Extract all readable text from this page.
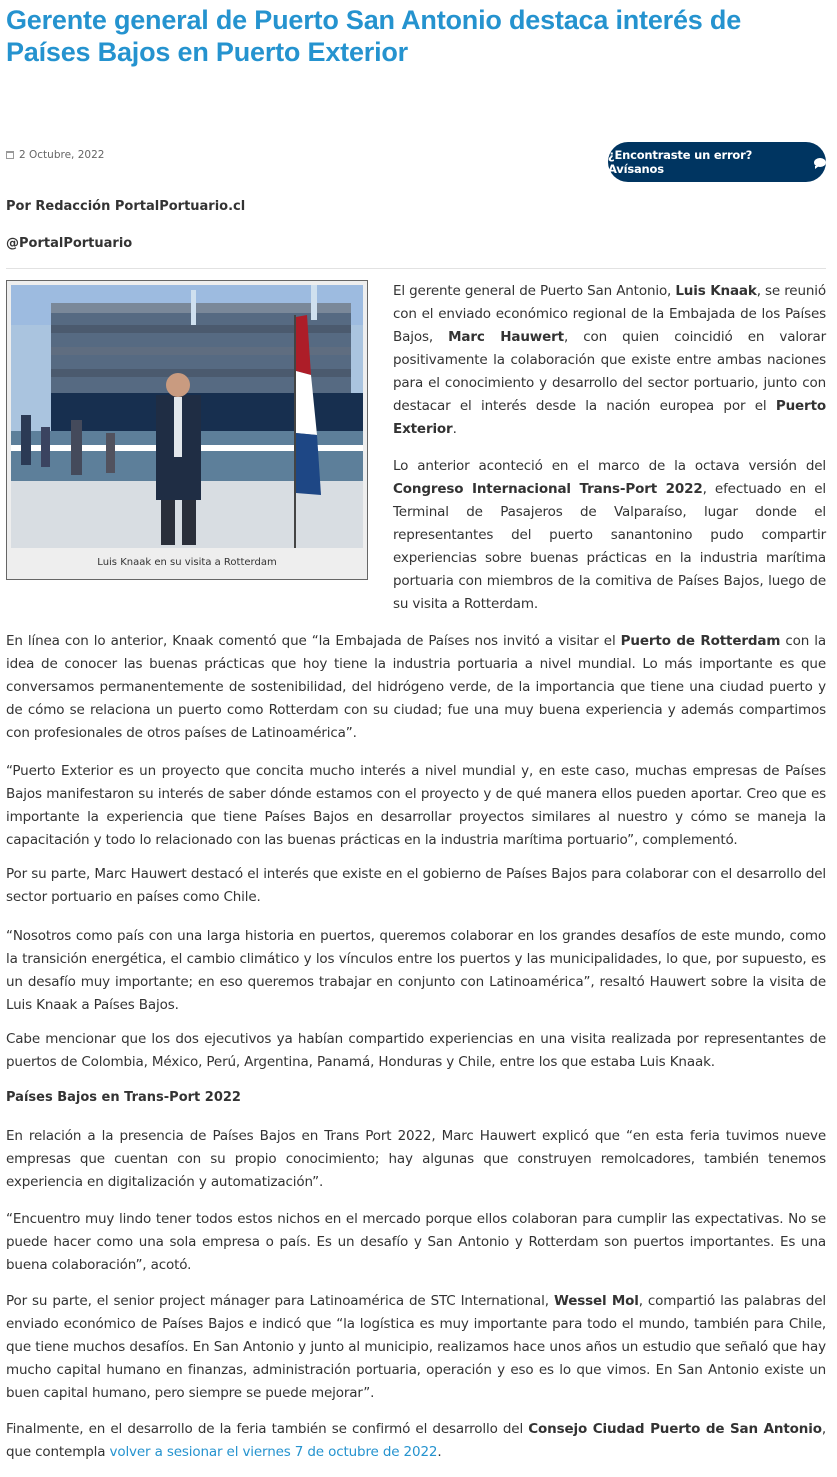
Gerente general de Puerto San Antonio destaca interés de Países Bajos en Puerto Exterior
2 Octubre, 2022	¿Encontraste un error? Avísanos
Por Redacción PortalPortuario.cl
@PortalPortuario
Luis Knaak en su visita a Rotterdam

El gerente general de Puerto San Antonio, Luis Knaak, se reunió con el enviado económico regional de la Embajada de los Países Bajos, Marc Hauwert, con quien coincidió en valorar positivamente la colaboración que existe entre ambas naciones para el conocimiento y desarrollo del sector portuario, junto con destacar el interés desde la nación europea por el Puerto Exterior.

Lo anterior aconteció en el marco de la octava versión del Congreso Internacional Trans-Port 2022, efectuado en el Terminal de Pasajeros de Valparaíso, lugar donde el representantes del puerto sanantonino pudo compartir experiencias sobre buenas prácticas en la industria marítima portuaria con miembros de la comitiva de Países Bajos, luego de su visita a Rotterdam.

En línea con lo anterior, Knaak comentó que “la Embajada de Países nos invitó a visitar el Puerto de Rotterdam con la idea de conocer las buenas prácticas que hoy tiene la industria portuaria a nivel mundial. Lo más importante es que conversamos permanentemente de sostenibilidad, del hidrógeno verde, de la importancia que tiene una ciudad puerto y de cómo se relaciona un puerto como Rotterdam con su ciudad; fue una muy buena experiencia y además compartimos con profesionales de otros países de Latinoamérica”.

“Puerto Exterior es un proyecto que concita mucho interés a nivel mundial y, en este caso, muchas empresas de Países Bajos manifestaron su interés de saber dónde estamos con el proyecto y de qué manera ellos pueden aportar. Creo que es importante la experiencia que tiene Países Bajos en desarrollar proyectos similares al nuestro y cómo se maneja la capacitación y todo lo relacionado con las buenas prácticas en la industria marítima portuario”, complementó.

Por su parte, Marc Hauwert destacó el interés que existe en el gobierno de Países Bajos para colaborar con el desarrollo del sector portuario en países como Chile.

“Nosotros como país con una larga historia en puertos, queremos colaborar en los grandes desafíos de este mundo, como la transición energética, el cambio climático y los vínculos entre los puertos y las municipalidades, lo que, por supuesto, es un desafío muy importante; en eso queremos trabajar en conjunto con Latinoamérica”, resaltó Hauwert sobre la visita de Luis Knaak a Países Bajos.

Cabe mencionar que los dos ejecutivos ya habían compartido experiencias en una visita realizada por representantes de puertos de Colombia, México, Perú, Argentina, Panamá, Honduras y Chile, entre los que estaba Luis Knaak.

Países Bajos en Trans-Port 2022

En relación a la presencia de Países Bajos en Trans Port 2022, Marc Hauwert explicó que “en esta feria tuvimos nueve empresas que cuentan con su propio conocimiento; hay algunas que construyen remolcadores, también tenemos experiencia en digitalización y automatización”.

“Encuentro muy lindo tener todos estos nichos en el mercado porque ellos colaboran para cumplir las expectativas. No se puede hacer como una sola empresa o país. Es un desafío y San Antonio y Rotterdam son puertos importantes. Es una buena colaboración”, acotó.

Por su parte, el senior project mánager para Latinoamérica de STC International, Wessel Mol, compartió las palabras del enviado económico de Países Bajos e indicó que “la logística es muy importante para todo el mundo, también para Chile, que tiene muchos desafíos. En San Antonio y junto al municipio, realizamos hace unos años un estudio que señaló que hay mucho capital humano en finanzas, administración portuaria, operación y eso es lo que vimos. En San Antonio existe un buen capital humano, pero siempre se puede mejorar”.

Finalmente, en el desarrollo de la feria también se confirmó el desarrollo del Consejo Ciudad Puerto de San Antonio, que contempla volver a sesionar el viernes 7 de octubre de 2022.
